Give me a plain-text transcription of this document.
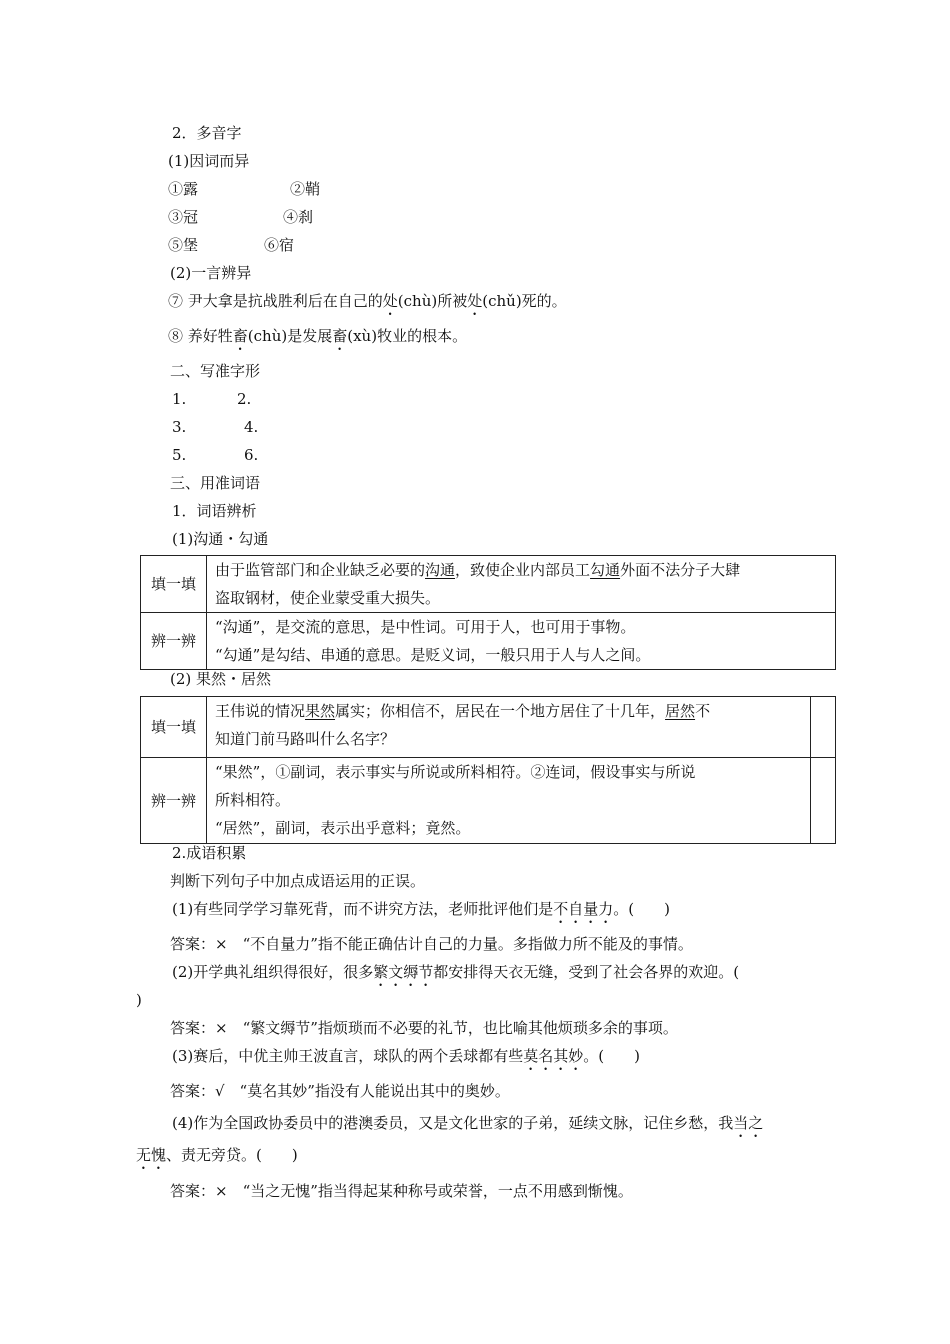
2．多音字
(1)因词而异
①露	②鞘
③冠	④刹
⑤堡	⑥宿
(2)一言辨异
⑦ 尹大拿是抗战胜利后在自己的处(chù)所被处(chǔ)死的。
⑧ 养好牲畜(chù)是发展畜(xù)牧业的根本。
二、写准字形
1.	2.
3.	4.
5.	6.
三、用准词语
1．词语辨析
(1)沟通・勾通
填一填	由于监管部门和企业缺乏必要的沟通，致使企业内部员工勾通外面不法分子大肆
盗取钢材，使企业蒙受重大损失。

辨一辨	“沟通”，是交流的意思，是中性词。可用于人，也可用于事物。
“勾通”是勾结、串通的意思。是贬义词，一般只用于人与人之间。
(2) 果然・居然
填一填	王伟说的情况果然属实；你相信不，居民在一个地方居住了十几年，居然不
知道门前马路叫什么名字？	

辨一辨	“果然”，①副词，表示事实与所说或所料相符。②连词，假设事实与所说
所料相符。
“居然”，副词，表示出乎意料；竟然。	

2.成语积累
判断下列句子中加点成语运用的正误。
(1)有些同学学习靠死背，而不讲究方法，老师批评他们是不自量力。(　　)
答案：×　“不自量力”指不能正确估计自己的力量。多指做力所不能及的事情。
(2)开学典礼组织得很好，很多繁文缛节都安排得天衣无缝，受到了社会各界的欢迎。(
)
答案：×　“繁文缛节”指烦琐而不必要的礼节，也比喻其他烦琐多余的事项。
(3)赛后，中优主帅王波直言，球队的两个丢球都有些莫名其妙。(　　)
答案：√　“莫名其妙”指没有人能说出其中的奥妙。
(4)作为全国政协委员中的港澳委员，又是文化世家的子弟，延续文脉，记住乡愁，我当之
无愧、责无旁贷。(　　)
答案：×　“当之无愧”指当得起某种称号或荣誉，一点不用感到惭愧。
